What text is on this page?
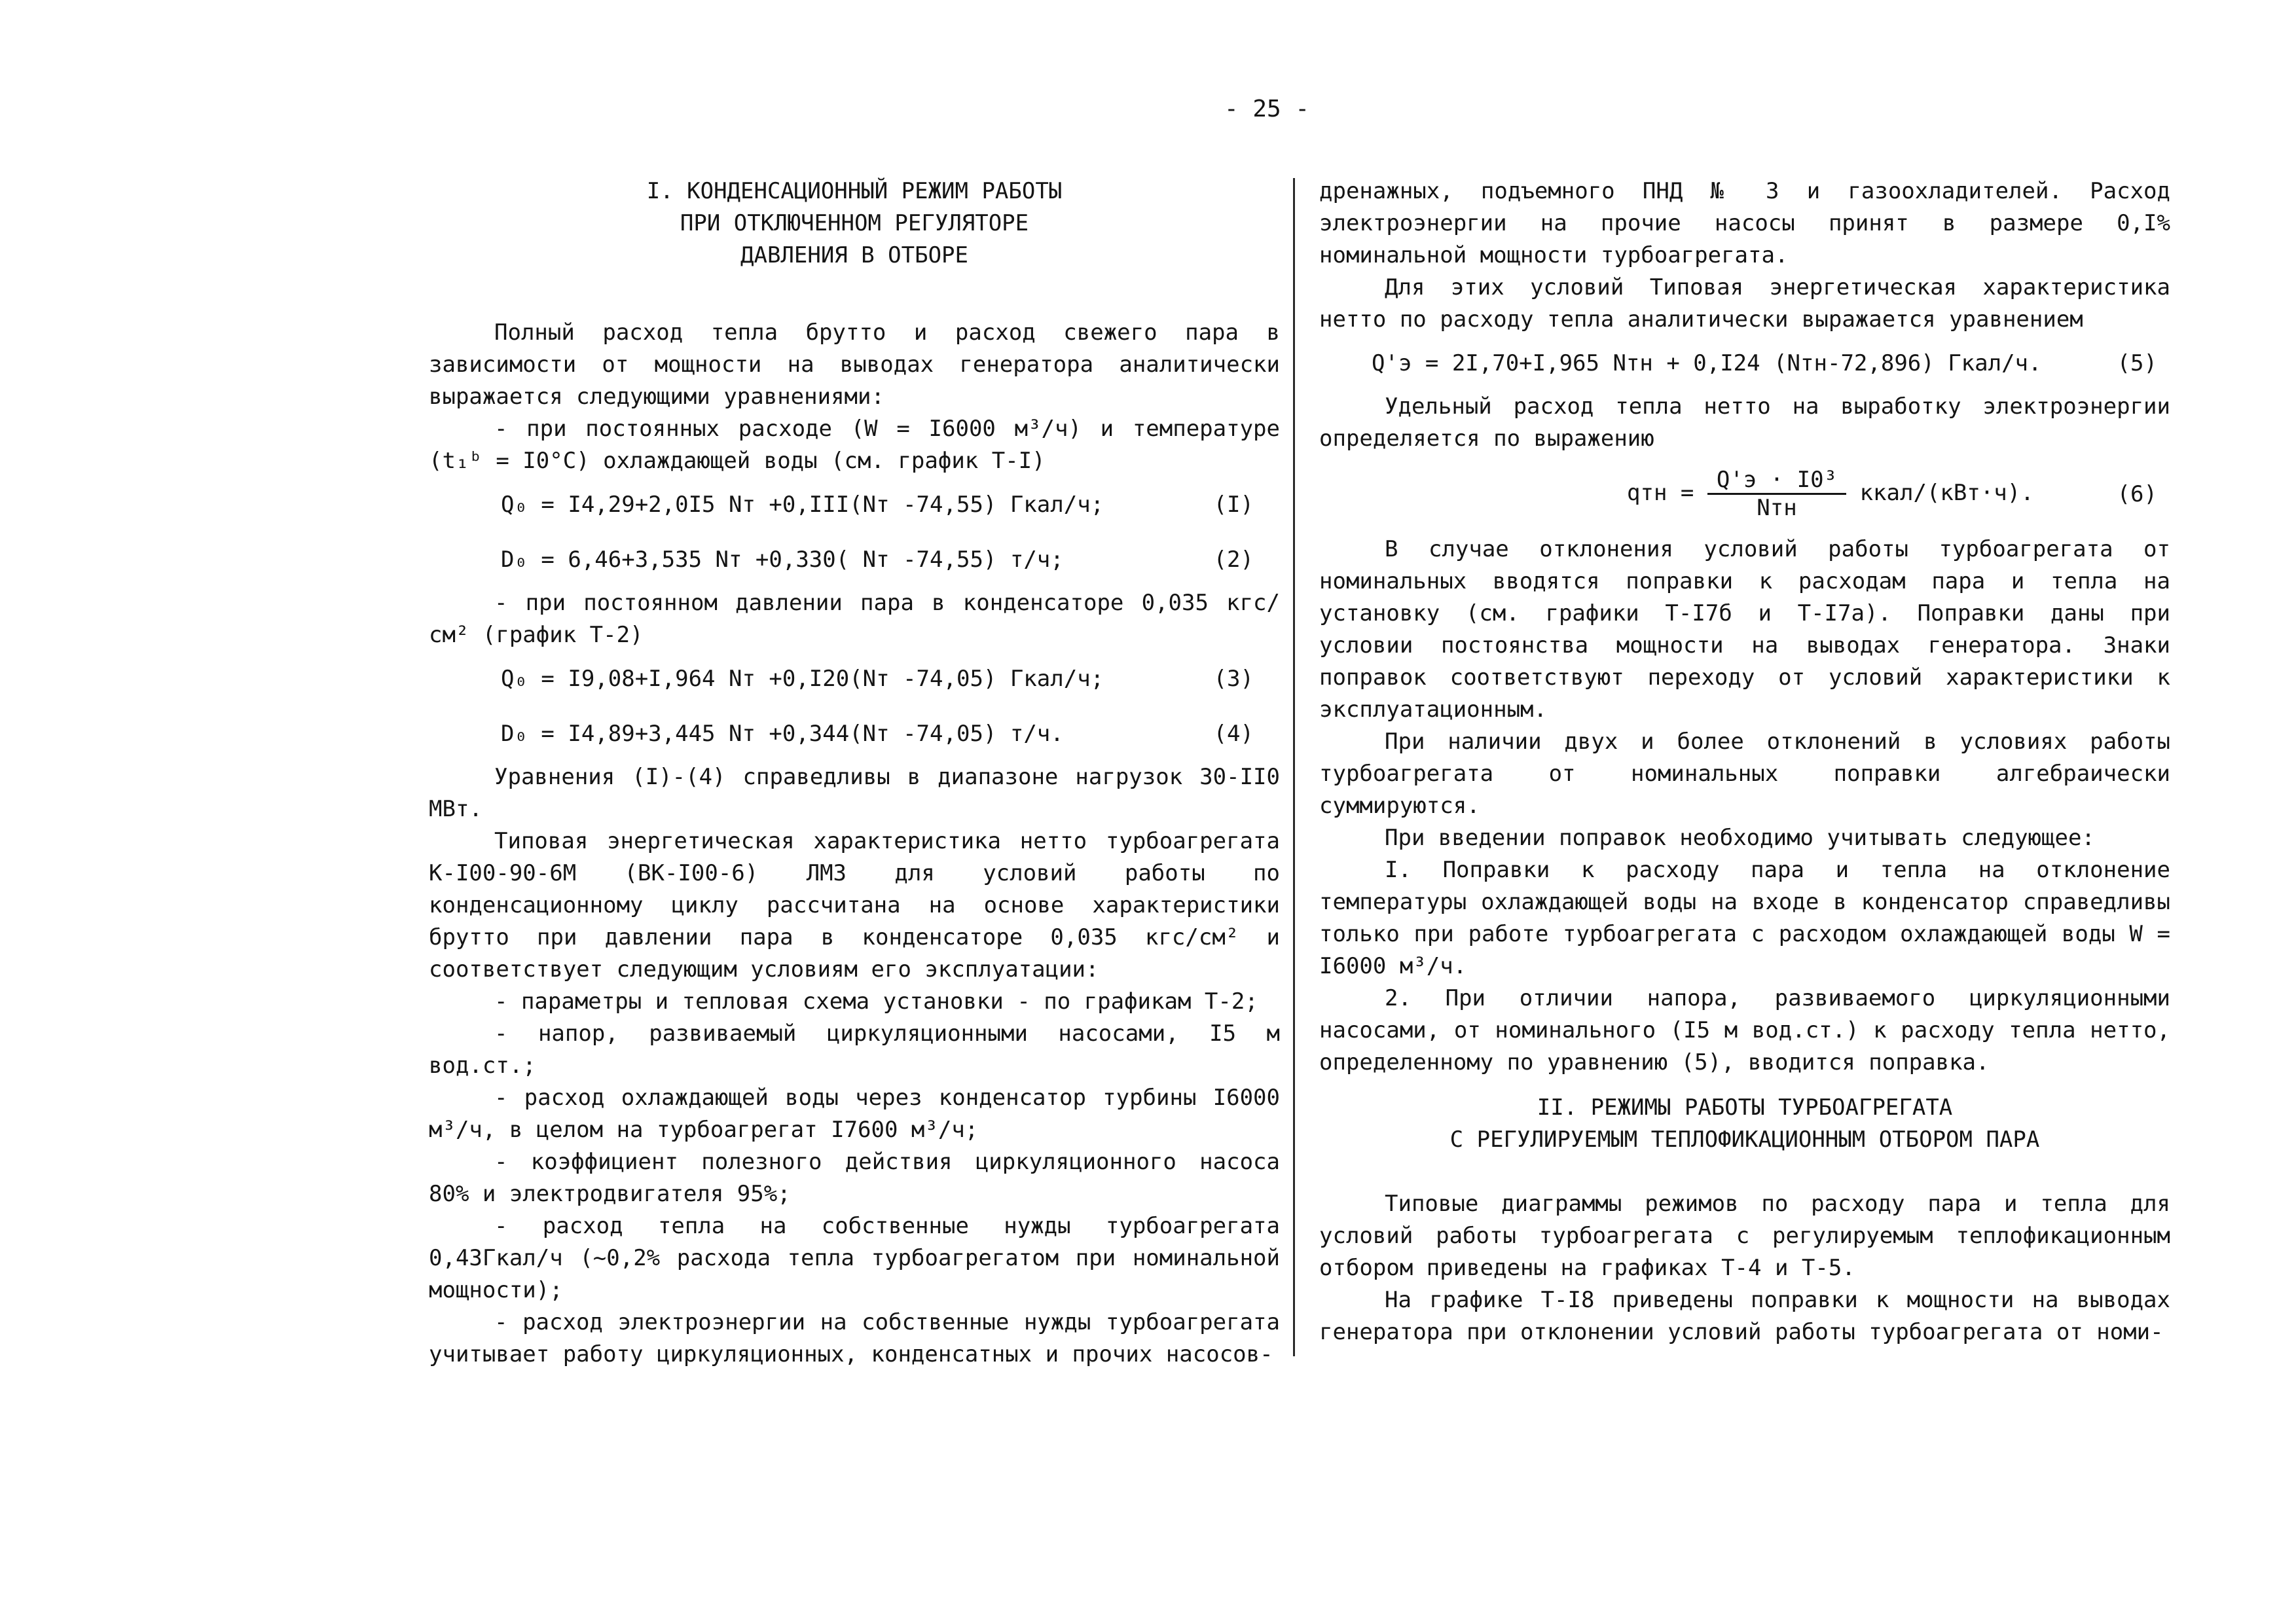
- 25 -

I. КОНДЕНСАЦИОННЫЙ РЕЖИМ РАБОТЫ

ПРИ ОТКЛЮЧЕННОМ РЕГУЛЯТОРЕ

ДАВЛЕНИЯ В ОТБОРЕ

Полный расход тепла брутто и расход свежего пара в зависимости от мощности на выводах генератора аналитически выражается следующими уравнениями:

- при постоянных расходе (W = I6000 м³/ч) и температуре (t₁ᵇ = I0°С) охлаждающей воды (см. график Т-I)

Q₀ = I4,29+2,0I5 Nт +0,III(Nт -74,55) Гкал/ч;	(I)
D₀ = 6,46+3,535 Nт +0,330( Nт -74,55) т/ч;	(2)

- при постоянном давлении пара в конденсаторе 0,035 кгс/см² (график Т-2)

Q₀ = I9,08+I,964 Nт +0,I20(Nт -74,05) Гкал/ч;	(3)
D₀ = I4,89+3,445 Nт +0,344(Nт -74,05) т/ч.	(4)

Уравнения (I)-(4) справедливы в диапазоне нагрузок 30-II0 МВт.

Типовая энергетическая характеристика нетто турбоагрегата К-I00-90-6М (ВК-I00-6) ЛМЗ для условий работы по конденсационному циклу рассчитана на основе характеристики брутто при давлении пара в конденсаторе 0,035 кгс/см² и соответствует следующим условиям его эксплуатации:

- параметры и тепловая схема установки - по графикам Т-2;

- напор, развиваемый циркуляционными насосами, I5 м вод.ст.;

- расход охлаждающей воды через конденсатор турбины I6000 м³/ч, в целом на турбоагрегат I7600 м³/ч;

- коэффициент полезного действия циркуляционного насоса 80% и электродвигателя 95%;

- расход тепла на собственные нужды турбоагрегата 0,43Гкал/ч (~0,2% расхода тепла турбоагрегатом при номинальной мощности);

- расход электроэнергии на собственные нужды турбоагрегата учитывает работу циркуляционных, конденсатных и прочих насосов-

дренажных, подъемного ПНД № 3 и газоохладителей. Расход электроэнергии на прочие насосы принят в размере 0,I% номинальной мощности турбоагрегата.

Для этих условий Типовая энергетическая характеристика нетто по расходу тепла аналитически выражается уравнением

Q'э = 2I,70+I,965 Nтн + 0,I24 (Nтн-72,896) Гкал/ч.	(5)

Удельный расход тепла нетто на выработку электроэнергии определяется по выражению

qтн = $\frac{\text{Q'э · I0³}}{\text{Nтн}}$ ккал/(кВт·ч).	(6)

В случае отклонения условий работы турбоагрегата от номинальных вводятся поправки к расходам пара и тепла на установку (см. графики Т-I7б и Т-I7а). Поправки даны при условии постоянства мощности на выводах генератора. Знаки поправок соответствуют переходу от условий характеристики к эксплуатационным.

При наличии двух и более отклонений в условиях работы турбоагрегата от номинальных поправки алгебраически суммируются.

При введении поправок необходимо учитывать следующее:

I. Поправки к расходу пара и тепла на отклонение температуры охлаждающей воды на входе в конденсатор справедливы только при работе турбоагрегата с расходом охлаждающей воды W = I6000 м³/ч.

2. При отличии напора, развиваемого циркуляционными насосами, от номинального (I5 м вод.ст.) к расходу тепла нетто, определенному по уравнению (5), вводится поправка.

II. РЕЖИМЫ РАБОТЫ ТУРБОАГРЕГАТА

С РЕГУЛИРУЕМЫМ ТЕПЛОФИКАЦИОННЫМ ОТБОРОМ ПАРА

Типовые диаграммы режимов по расходу пара и тепла для условий работы турбоагрегата с регулируемым теплофикационным отбором приведены на графиках Т-4 и Т-5.

На графике Т-I8 приведены поправки к мощности на выводах генератора при отклонении условий работы турбоагрегата от номи-
